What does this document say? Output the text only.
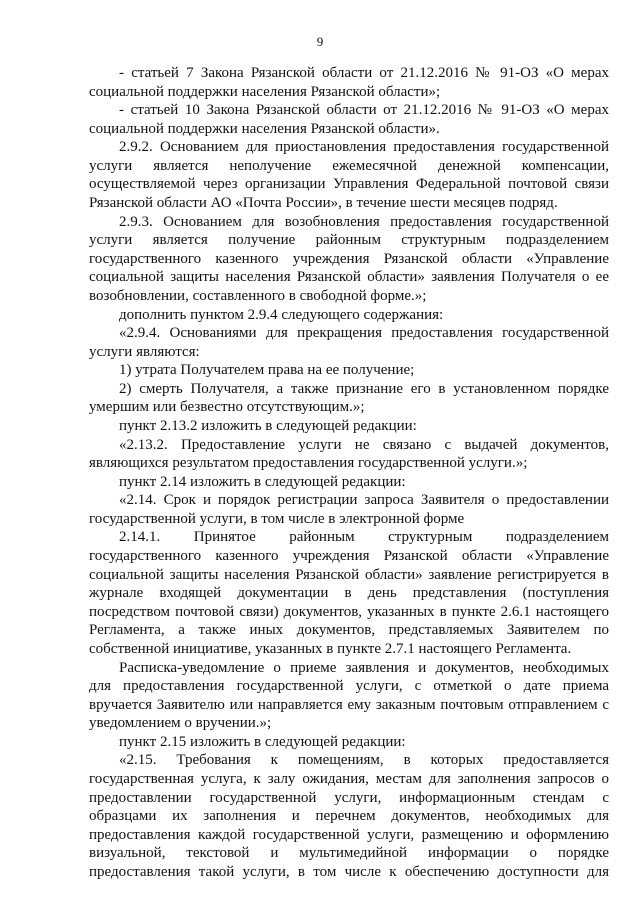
9
- статьей 7 Закона Рязанской области от 21.12.2016 № 91-ОЗ «О мерах
социальной поддержки населения Рязанской области»;
- статьей 10 Закона Рязанской области от 21.12.2016 № 91-ОЗ «О мерах
социальной поддержки населения Рязанской области».
2.9.2. Основанием для приостановления предоставления государственной
услуги является неполучение ежемесячной денежной компенсации,
осуществляемой через организации Управления Федеральной почтовой связи
Рязанской области АО «Почта России», в течение шести месяцев подряд.
2.9.3. Основанием для возобновления предоставления государственной
услуги является получение районным структурным подразделением
государственного казенного учреждения Рязанской области «Управление
социальной защиты населения Рязанской области» заявления Получателя о ее
возобновлении, составленного в свободной форме.»;
дополнить пунктом 2.9.4 следующего содержания:
«2.9.4. Основаниями для прекращения предоставления государственной
услуги являются:
1) утрата Получателем права на ее получение;
2) смерть Получателя, а также признание его в установленном порядке
умершим или безвестно отсутствующим.»;
пункт 2.13.2 изложить в следующей редакции:
«2.13.2. Предоставление услуги не связано с выдачей документов,
являющихся результатом предоставления государственной услуги.»;
пункт 2.14 изложить в следующей редакции:
«2.14. Срок и порядок регистрации запроса Заявителя о предоставлении
государственной услуги, в том числе в электронной форме
2.14.1. Принятое районным структурным подразделением
государственного казенного учреждения Рязанской области «Управление
социальной защиты населения Рязанской области» заявление регистрируется в
журнале входящей документации в день представления (поступления
посредством почтовой связи) документов, указанных в пункте 2.6.1 настоящего
Регламента, а также иных документов, представляемых Заявителем по
собственной инициативе, указанных в пункте 2.7.1 настоящего Регламента.
Расписка-уведомление о приеме заявления и документов, необходимых
для предоставления государственной услуги, с отметкой о дате приема
вручается Заявителю или направляется ему заказным почтовым отправлением с
уведомлением о вручении.»;
пункт 2.15 изложить в следующей редакции:
«2.15. Требования к помещениям, в которых предоставляется
государственная услуга, к залу ожидания, местам для заполнения запросов о
предоставлении государственной услуги, информационным стендам с
образцами их заполнения и перечнем документов, необходимых для
предоставления каждой государственной услуги, размещению и оформлению
визуальной, текстовой и мультимедийной информации о порядке
предоставления такой услуги, в том числе к обеспечению доступности для
